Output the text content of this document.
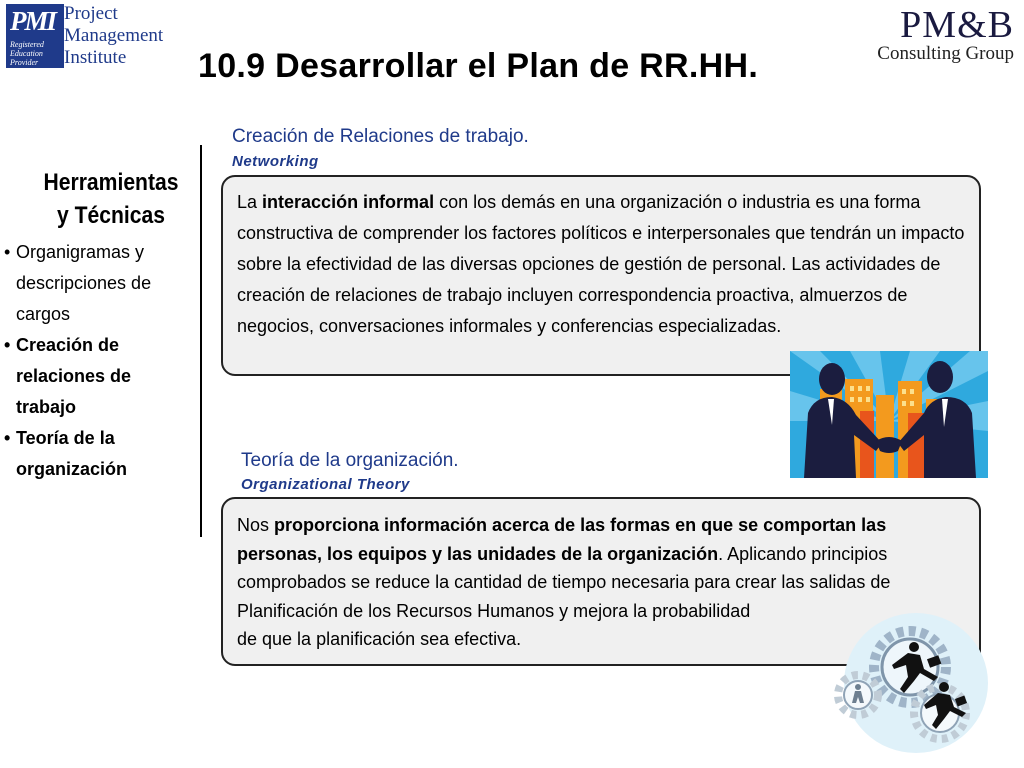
PMI
Registered
Education
Provider
Project
Management
Institute
PM&B
Consulting Group
10.9 Desarrollar el Plan de RR.HH.
Herramientas
y Técnicas
• Organigramas y descripciones de cargos
• Creación de relaciones de trabajo
• Teoría de la organización
Creación de Relaciones de trabajo.
Networking
La interacción informal con los demás en una organización o industria es una forma constructiva de comprender los factores políticos e interpersonales que tendrán un impacto sobre la efectividad de las diversas opciones de gestión de personal. Las actividades de creación de relaciones de trabajo incluyen correspondencia proactiva, almuerzos de negocios, conversaciones informales y conferencias especializadas.
Teoría de la organización.
Organizational Theory
Nos proporciona información acerca de las formas en que se comportan las personas, los equipos y las unidades de la organización. Aplicando principios comprobados se reduce la cantidad de tiempo necesaria para crear las salidas de Planificación de los Recursos Humanos y mejora la probabilidad
de que la planificación sea efectiva.
